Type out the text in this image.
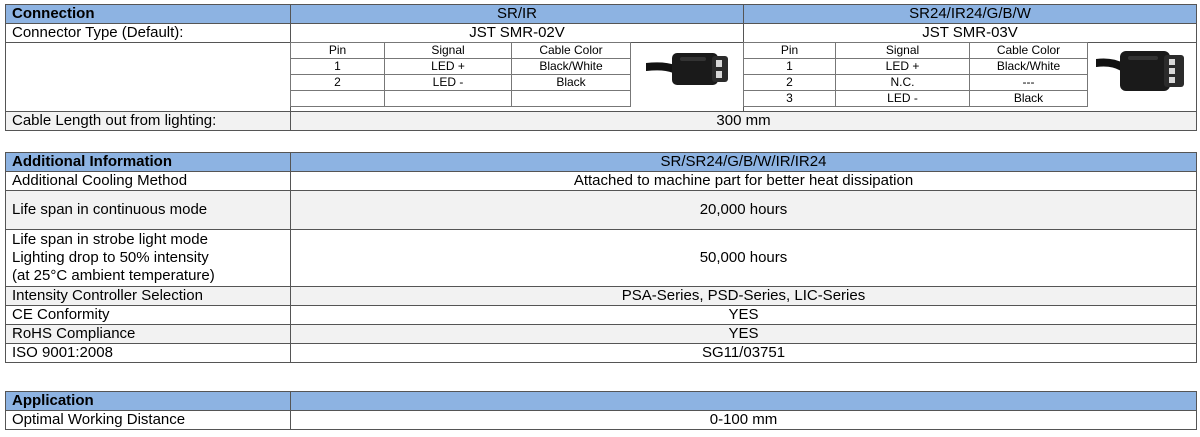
Connection	SR/IR	SR24/IR24/G/B/W
Connector Type (Default):	JST SMR-02V	JST SMR-03V

Pin	Signal	Cable Color
1	LED +	Black/White
2	LED -	Black

Pin	Signal	Cable Color
1	LED +	Black/White
2	N.C.	---
3	LED -	Black

Cable Length out from lighting:	300 mm
Additional Information	SR/SR24/G/B/W/IR/IR24
Additional Cooling Method	Attached to machine part for better heat dissipation
Life span in continuous mode	20,000 hours

Life span in strobe light mode
Lighting drop to 50% intensity
(at 25°C ambient temperature)	50,000 hours
Intensity Controller Selection	PSA-Series, PSD-Series, LIC-Series
CE Conformity	YES
RoHS Compliance	YES
ISO 9001:2008	SG11/03751
Application	
Optimal Working Distance	0-100 mm
